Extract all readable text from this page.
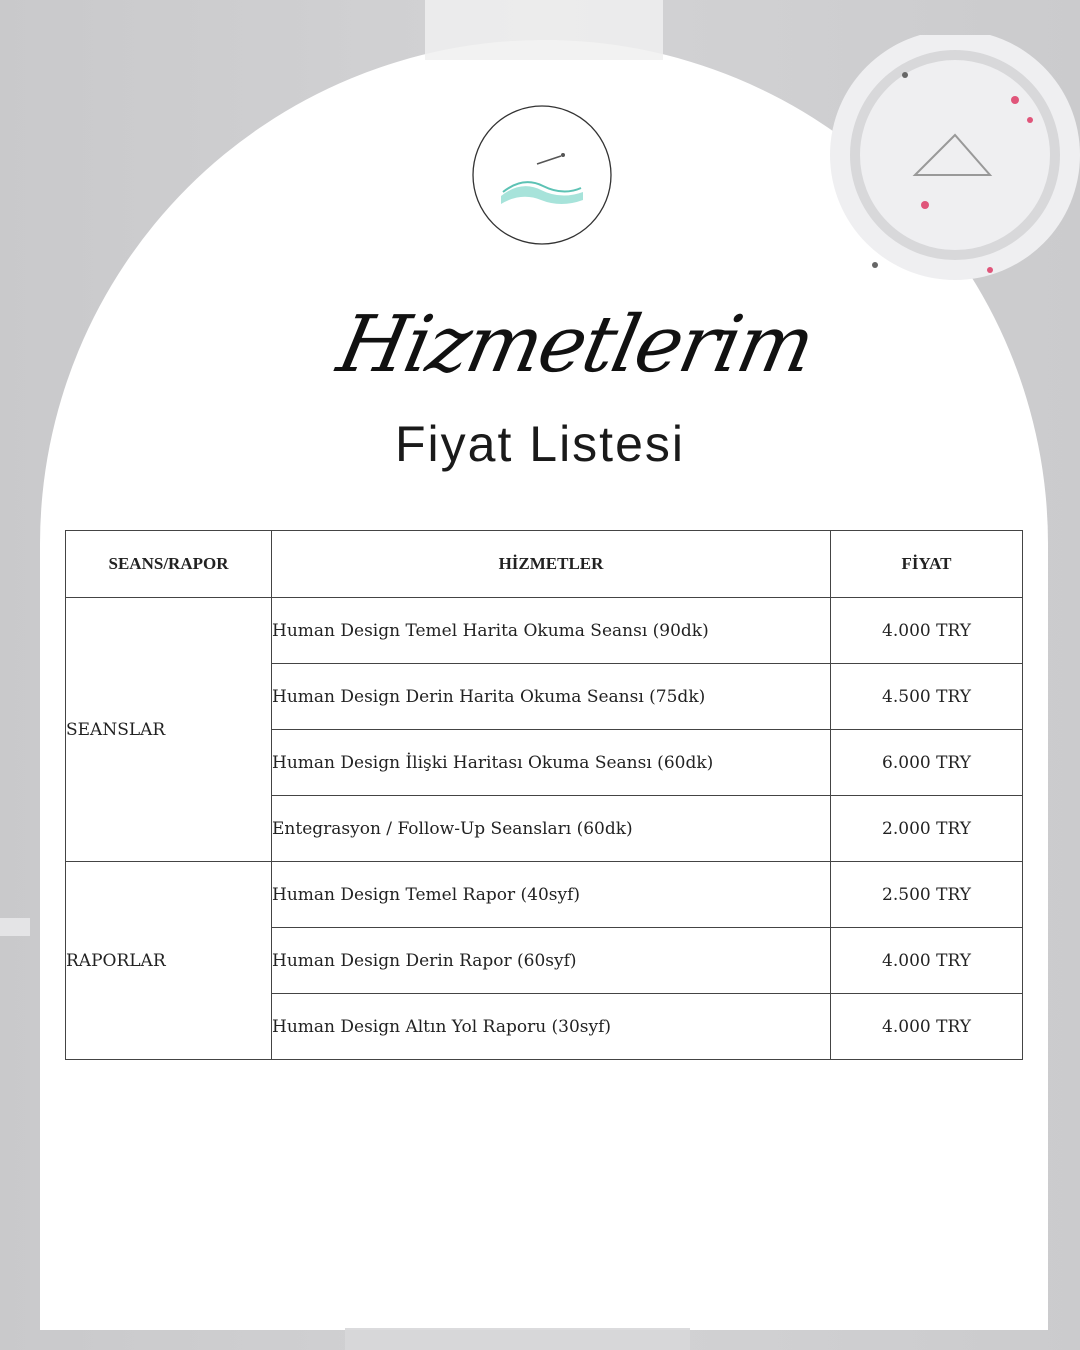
Hizmetlerim
Fiyat Listesi
SEANS/RAPOR	HİZMETLER	FİYAT
SEANSLAR	Human Design Temel Harita Okuma Seansı (90dk)	4.000 TRY
	Human Design Derin Harita Okuma Seansı (75dk)	4.500 TRY
	Human Design İlişki Haritası Okuma Seansı (60dk)	6.000 TRY
	Entegrasyon / Follow-Up Seansları (60dk)	2.000 TRY
RAPORLAR	Human Design Temel Rapor (40syf)	2.500 TRY
	Human Design Derin Rapor (60syf)	4.000 TRY
	Human Design Altın Yol Raporu (30syf)	4.000 TRY
